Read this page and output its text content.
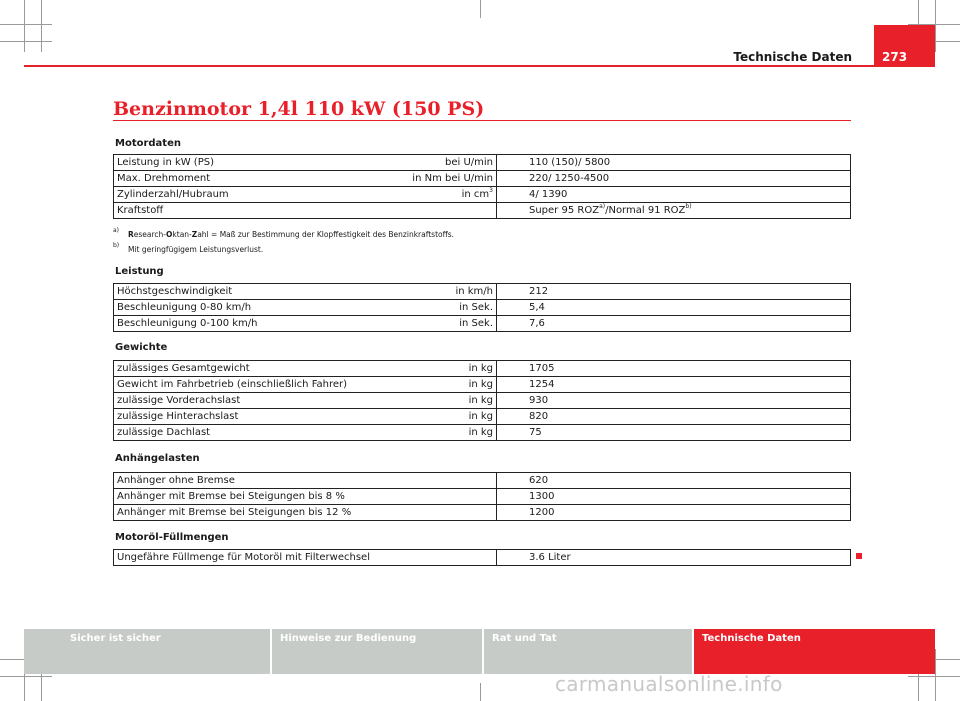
Technische Daten	273
Benzinmotor 1,4l 110 kW (150 PS)
Motordaten
Leistung in kW (PS)	bei U/min	110 (150)/ 5800
Max. Drehmoment	in Nm bei U/min	220/ 1250-4500
Zylinderzahl/Hubraum	in $cm^3$	4/ 1390
Kraftstoff		Super 95 ROZ$^{a)}$/Normal 91 ROZ$^{b)}$
a) Research-Oktan-Zahl = Maß zur Bestimmung der Klopffestigkeit des Benzinkraftstoffs.
b) Mit geringfügigem Leistungsverlust.
Leistung
Höchstgeschwindigkeit	in km/h	212
Beschleunigung 0-80 km/h	in Sek.	5,4
Beschleunigung 0-100 km/h	in Sek.	7,6
Gewichte
zulässiges Gesamtgewicht	in kg	1705
Gewicht im Fahrbetrieb (einschließlich Fahrer)	in kg	1254
zulässige Vorderachslast	in kg	930
zulässige Hinterachslast	in kg	820
zulässige Dachlast	in kg	75
Anhängelasten
Anhänger ohne Bremse	620
Anhänger mit Bremse bei Steigungen bis 8 %	1300
Anhänger mit Bremse bei Steigungen bis 12 %	1200
Motoröl-Füllmengen
Ungefähre Füllmenge für Motoröl mit Filterwechsel	3.6 Liter
Sicher ist sicher	Hinweise zur Bedienung	Rat und Tat	Technische Daten
carmanualsonline.info
